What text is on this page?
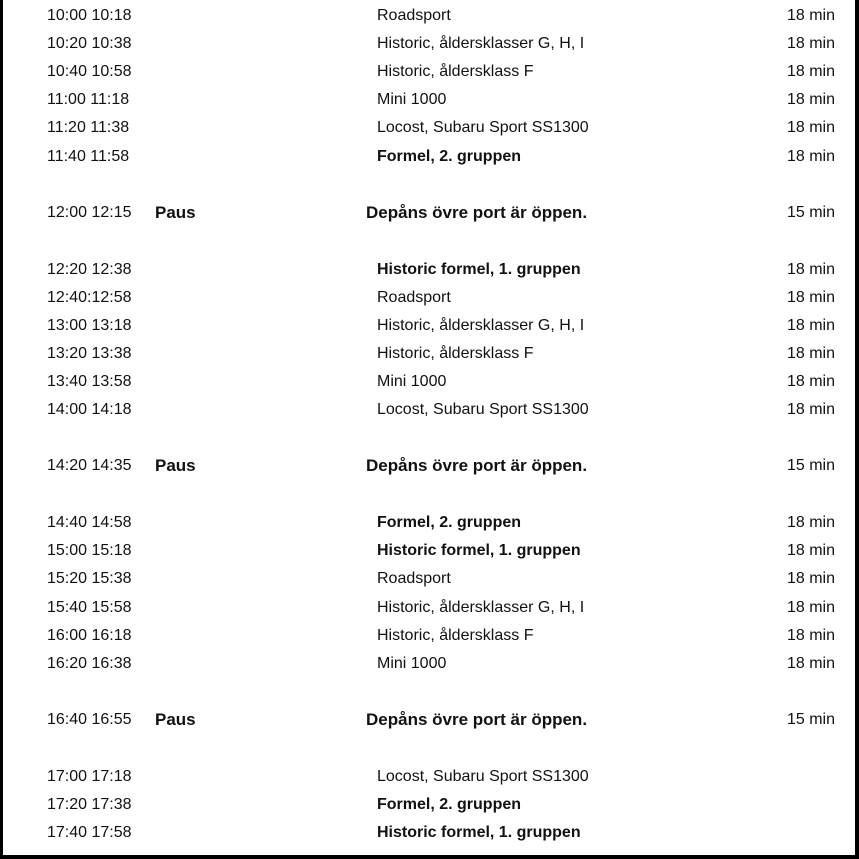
10:00 10:18	Roadsport	18 min
10:20 10:38	Historic, åldersklasser G, H, I	18 min
10:40 10:58	Historic, åldersklass F	18 min
11:00 11:18	Mini 1000	18 min
11:20 11:38	Locost, Subaru Sport SS1300	18 min
11:40 11:58	Formel, 2. gruppen	18 min
12:00 12:15 Paus	Depåns övre port är öppen.	15 min
12:20 12:38	Historic formel, 1. gruppen	18 min
12:40:12:58	Roadsport	18 min
13:00 13:18	Historic, åldersklasser G, H, I	18 min
13:20 13:38	Historic, åldersklass F	18 min
13:40 13:58	Mini 1000	18 min
14:00 14:18	Locost, Subaru Sport SS1300	18 min
14:20 14:35 Paus	Depåns övre port är öppen.	15 min
14:40 14:58	Formel, 2. gruppen	18 min
15:00 15:18	Historic formel, 1. gruppen	18 min
15:20 15:38	Roadsport	18 min
15:40 15:58	Historic, åldersklasser G, H, I	18 min
16:00 16:18	Historic, åldersklass F	18 min
16:20 16:38	Mini 1000	18 min
16:40 16:55 Paus	Depåns övre port är öppen.	15 min
17:00 17:18	Locost, Subaru Sport SS1300
17:20 17:38	Formel, 2. gruppen
17:40 17:58	Historic formel, 1. gruppen
